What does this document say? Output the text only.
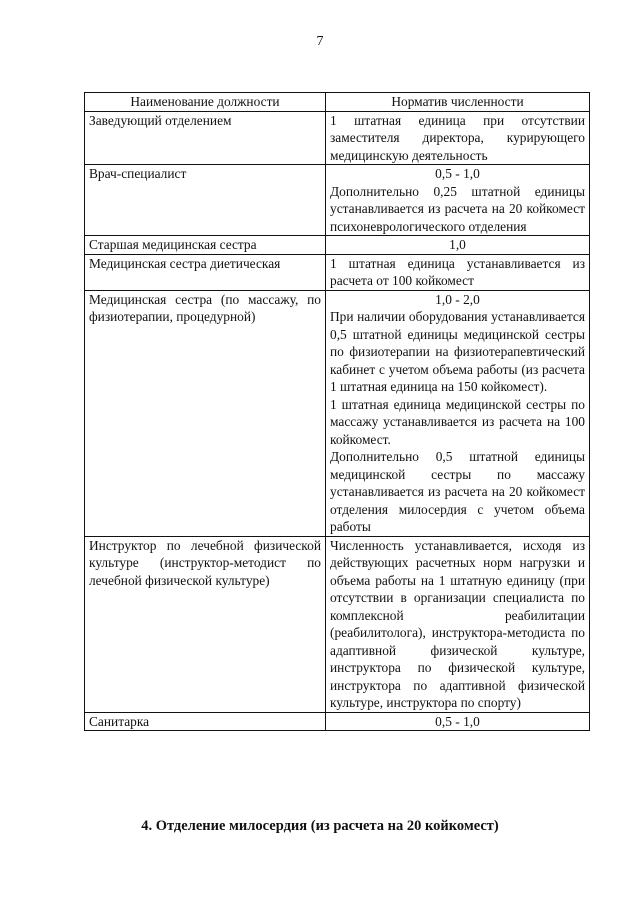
7
Наименование должности	Норматив численности
Заведующий отделением	1 штатная единица при отсутствии заместителя директора, курирующего медицинскую деятельность

Врач-специалист	0,5 - 1,0
Дополнительно 0,25 штатной единицы устанавливается из расчета на 20 койкомест психоневрологического отделения

Старшая медицинская сестра	1,0

Медицинская сестра диетическая	1 штатная единица устанавливается из расчета от 100 койкомест

Медицинская сестра (по массажу, по физиотерапии, процедурной)	1,0 - 2,0
При наличии оборудования устанавливается 0,5 штатной единицы медицинской сестры по физиотерапии на физиотерапевтический кабинет с учетом объема работы (из расчета 1 штатная единица на 150 койкомест).
1 штатная единица медицинской сестры по массажу устанавливается из расчета на 100 койкомест.
Дополнительно 0,5 штатной единицы медицинской сестры по массажу устанавливается из расчета на 20 койкомест отделения милосердия с учетом объема работы

Инструктор по лечебной физической культуре (инструктор-методист по лечебной физической культуре)	Численность устанавливается, исходя из действующих расчетных норм нагрузки и объема работы на 1 штатную единицу (при отсутствии в организации специалиста по комплексной реабилитации (реабилитолога), инструктора-методиста по адаптивной физической культуре, инструктора по физической культуре, инструктора по адаптивной физической культуре, инструктора по спорту)

Санитарка	0,5 - 1,0
4. Отделение милосердия (из расчета на 20 койкомест)
